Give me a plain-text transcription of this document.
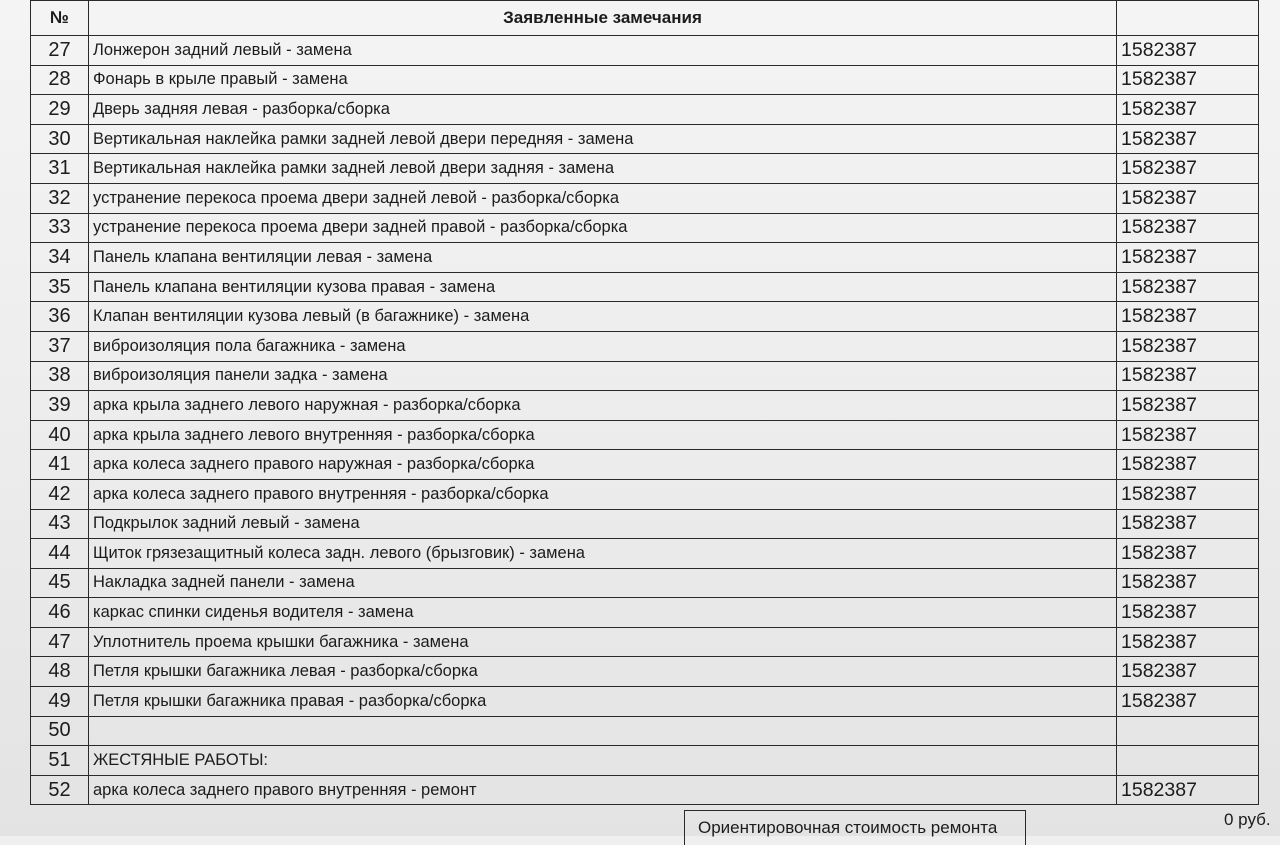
№	Заявленные замечания	
27	Лонжерон задний левый - замена	1582387
28	Фонарь в крыле правый - замена	1582387
29	Дверь задняя левая - разборка/сборка	1582387
30	Вертикальная наклейка рамки задней левой двери передняя - замена	1582387
31	Вертикальная наклейка рамки задней левой двери задняя - замена	1582387
32	устранение перекоса проема двери задней левой - разборка/сборка	1582387
33	устранение перекоса проема двери задней правой - разборка/сборка	1582387
34	Панель клапана вентиляции левая - замена	1582387
35	Панель клапана вентиляции кузова правая - замена	1582387
36	Клапан вентиляции кузова левый (в багажнике) - замена	1582387
37	виброизоляция пола багажника - замена	1582387
38	виброизоляция панели задка - замена	1582387
39	арка крыла заднего левого наружная - разборка/сборка	1582387
40	арка крыла заднего левого внутренняя - разборка/сборка	1582387
41	арка колеса заднего правого наружная - разборка/сборка	1582387
42	арка колеса заднего правого внутренняя - разборка/сборка	1582387
43	Подкрылок задний левый - замена	1582387
44	Щиток грязезащитный колеса задн. левого (брызговик) - замена	1582387
45	Накладка задней панели - замена	1582387
46	каркас спинки сиденья водителя - замена	1582387
47	Уплотнитель проема крышки багажника - замена	1582387
48	Петля крышки багажника левая - разборка/сборка	1582387
49	Петля крышки багажника правая - разборка/сборка	1582387
50		
51	ЖЕСТЯНЫЕ РАБОТЫ:	
52	арка колеса заднего правого внутренняя - ремонт	1582387
Ориентировочная стоимость ремонта	0 руб.
